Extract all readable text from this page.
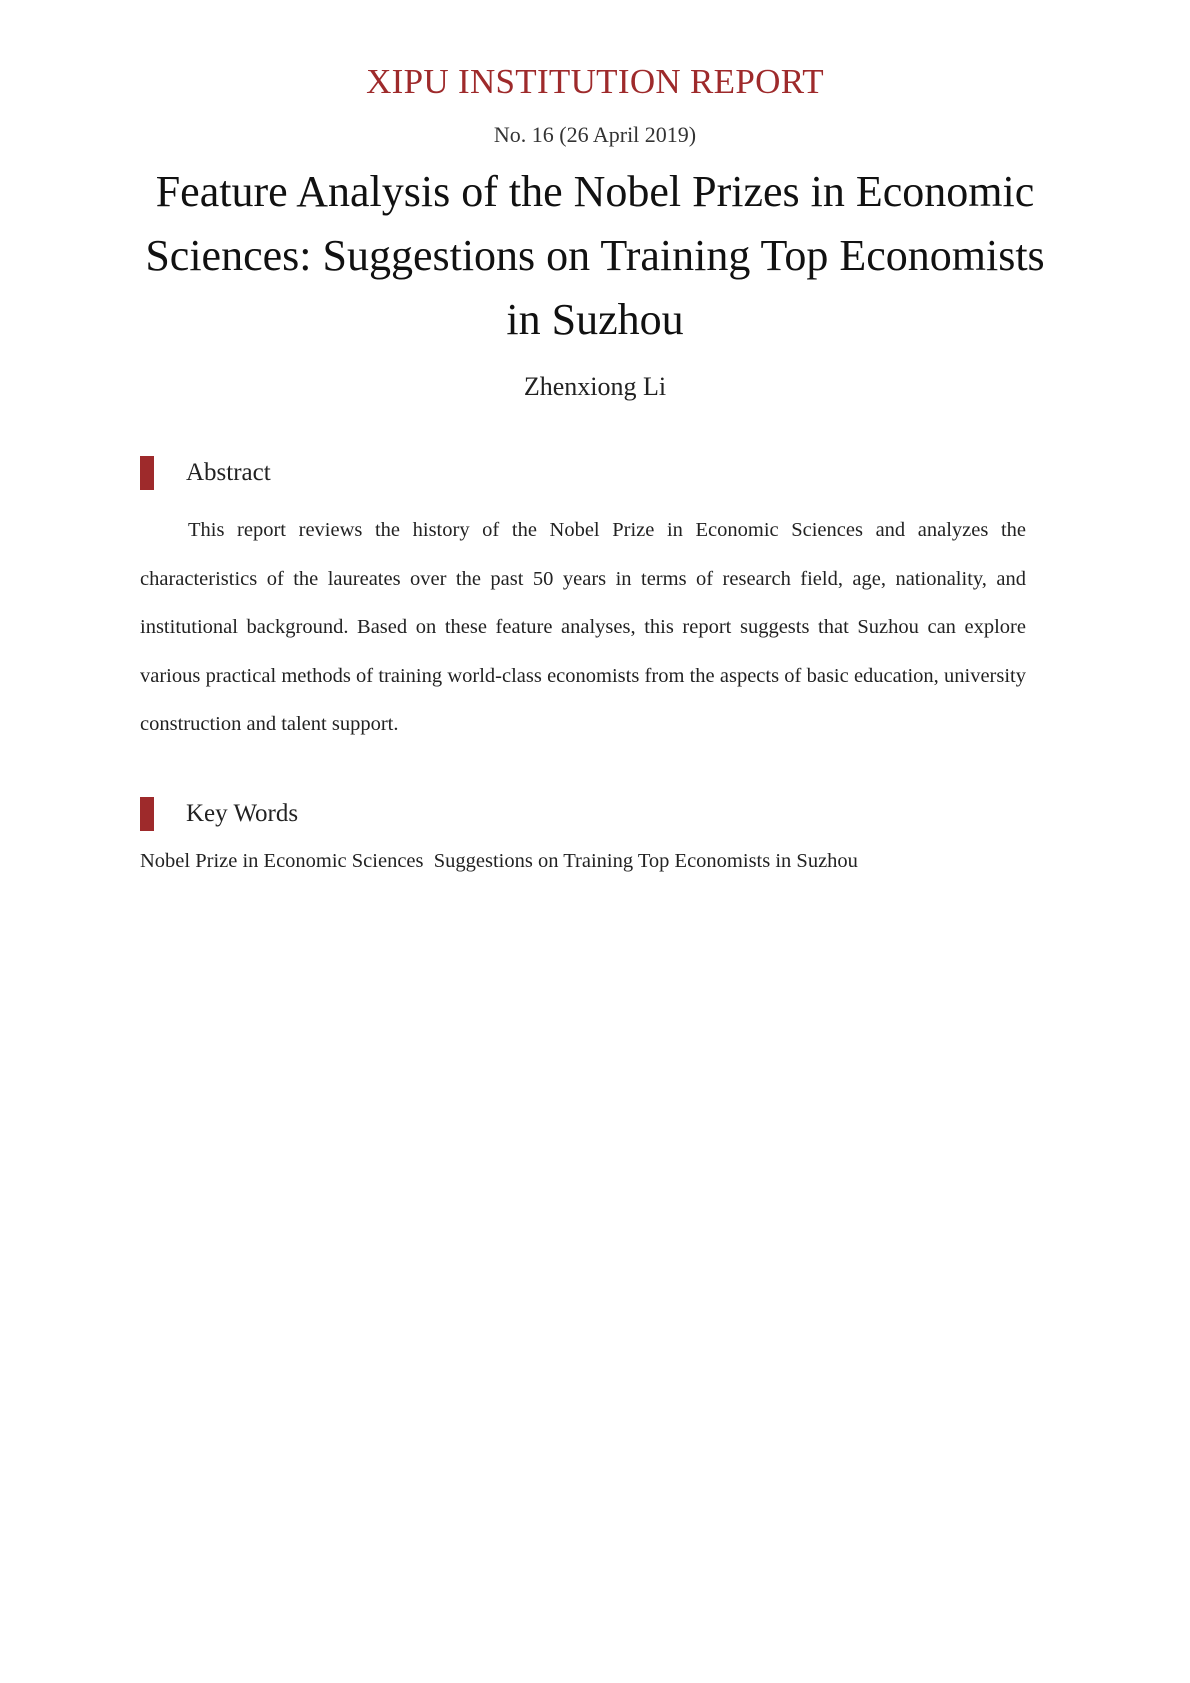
XIPU INSTITUTION REPORT
No. 16 (26 April 2019)
Feature Analysis of the Nobel Prizes in Economic
Sciences: Suggestions on Training Top Economists
in Suzhou
Zhenxiong Li
Abstract
This report reviews the history of the Nobel Prize in Economic Sciences and analyzes the characteristics of the laureates over the past 50 years in terms of research field, age, nationality, and institutional background. Based on these feature analyses, this report suggests that Suzhou can explore various practical methods of training world-class economists from the aspects of basic education, university construction and talent support.
Key Words
Nobel Prize in Economic Sciences  Suggestions on Training Top Economists in Suzhou
